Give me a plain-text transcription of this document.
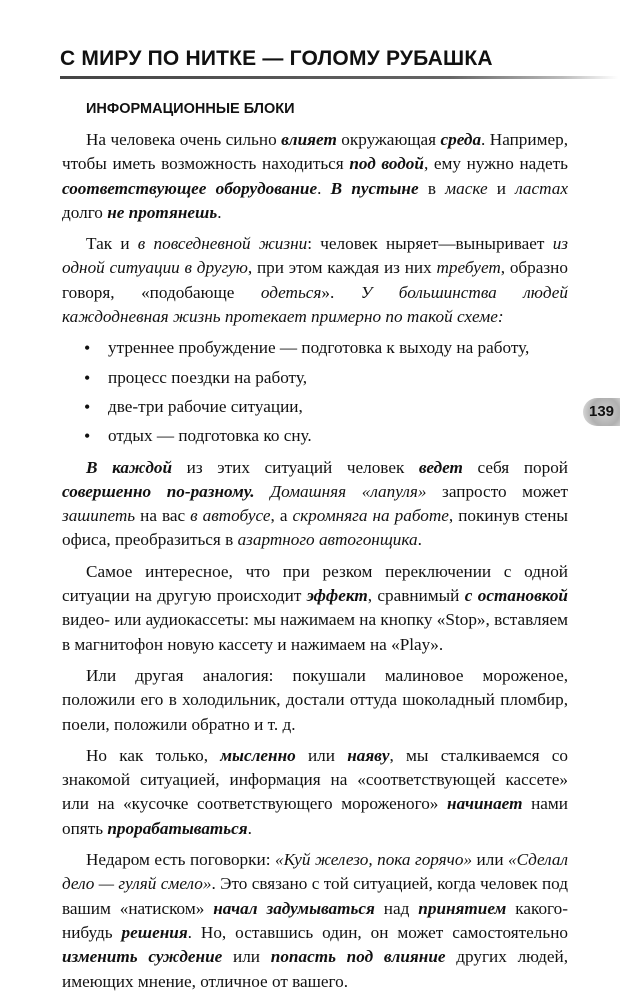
С МИРУ ПО НИТКЕ — ГОЛОМУ РУБАШКА
ИНФОРМАЦИОННЫЕ БЛОКИ
139

На человека очень сильно влияет окружающая среда. Например, чтобы иметь возможность находиться под водой, ему нужно надеть соответствующее оборудование. В пустыне в маске и ластах долго не протянешь.

Так и в повседневной жизни: человек ныряет—выныривает из одной ситуации в другую, при этом каждая из них требует, образно говоря, «подобающе одеться». У большинства людей каждодневная жизнь протекает примерно по такой схеме:

• утреннее пробуждение — подготовка к выходу на работу,
• процесс поездки на работу,
• две-три рабочие ситуации,
• отдых — подготовка ко сну.

В каждой из этих ситуаций человек ведет себя порой совершенно по-разному. Домашняя «лапуля» запросто может зашипеть на вас в автобусе, а скромняга на работе, покинув стены офиса, преобразиться в азартного автогонщика.

Самое интересное, что при резком переключении с одной ситуации на другую происходит эффект, сравнимый с остановкой видео- или аудиокассеты: мы нажимаем на кнопку «Stop», вставляем в магнитофон новую кассету и нажимаем на «Play».

Или другая аналогия: покушали малиновое мороженое, положили его в холодильник, достали оттуда шоколадный пломбир, поели, положили обратно и т. д.

Но как только, мысленно или наяву, мы сталкиваемся со знакомой ситуацией, информация на «соответствующей кассете» или на «кусочке соответствующего мороженого» начинает нами опять прорабатываться.

Недаром есть поговорки: «Куй железо, пока горячо» или «Сделал дело — гуляй смело». Это связано с той ситуацией, когда человек под вашим «натиском» начал задумываться над принятием какого-нибудь решения. Но, оставшись один, он может самостоятельно изменить суждение или попасть под влияние других людей, имеющих мнение, отличное от вашего.
